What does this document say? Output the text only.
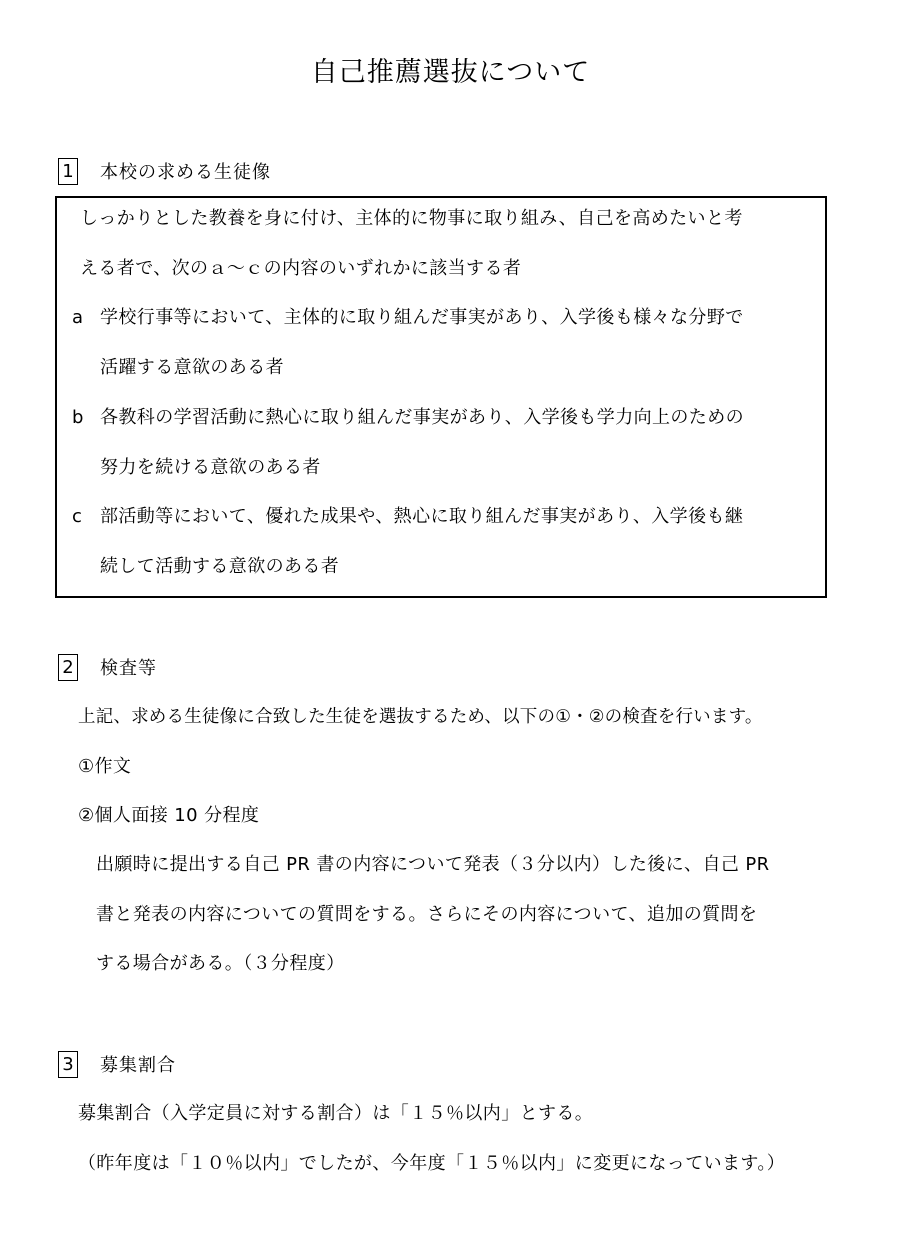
自己推薦選抜について
1 本校の求める生徒像
しっかりとした教養を身に付け、主体的に物事に取り組み、自己を高めたいと考
える者で、次のａ～ｃの内容のいずれかに該当する者
a 学校行事等において、主体的に取り組んだ事実があり、入学後も様々な分野で
活躍する意欲のある者
b 各教科の学習活動に熱心に取り組んだ事実があり、入学後も学力向上のための
努力を続ける意欲のある者
c 部活動等において、優れた成果や、熱心に取り組んだ事実があり、入学後も継
続して活動する意欲のある者
2 検査等
上記、求める生徒像に合致した生徒を選抜するため、以下の①・②の検査を行います。
①作文
②個人面接 10 分程度
出願時に提出する自己 PR 書の内容について発表（３分以内）した後に、自己 PR
書と発表の内容についての質問をする。さらにその内容について、追加の質問を
する場合がある。（３分程度）
3 募集割合
募集割合（入学定員に対する割合）は「１５％以内」とする。
（昨年度は「１０％以内」でしたが、今年度「１５％以内」に変更になっています。）
